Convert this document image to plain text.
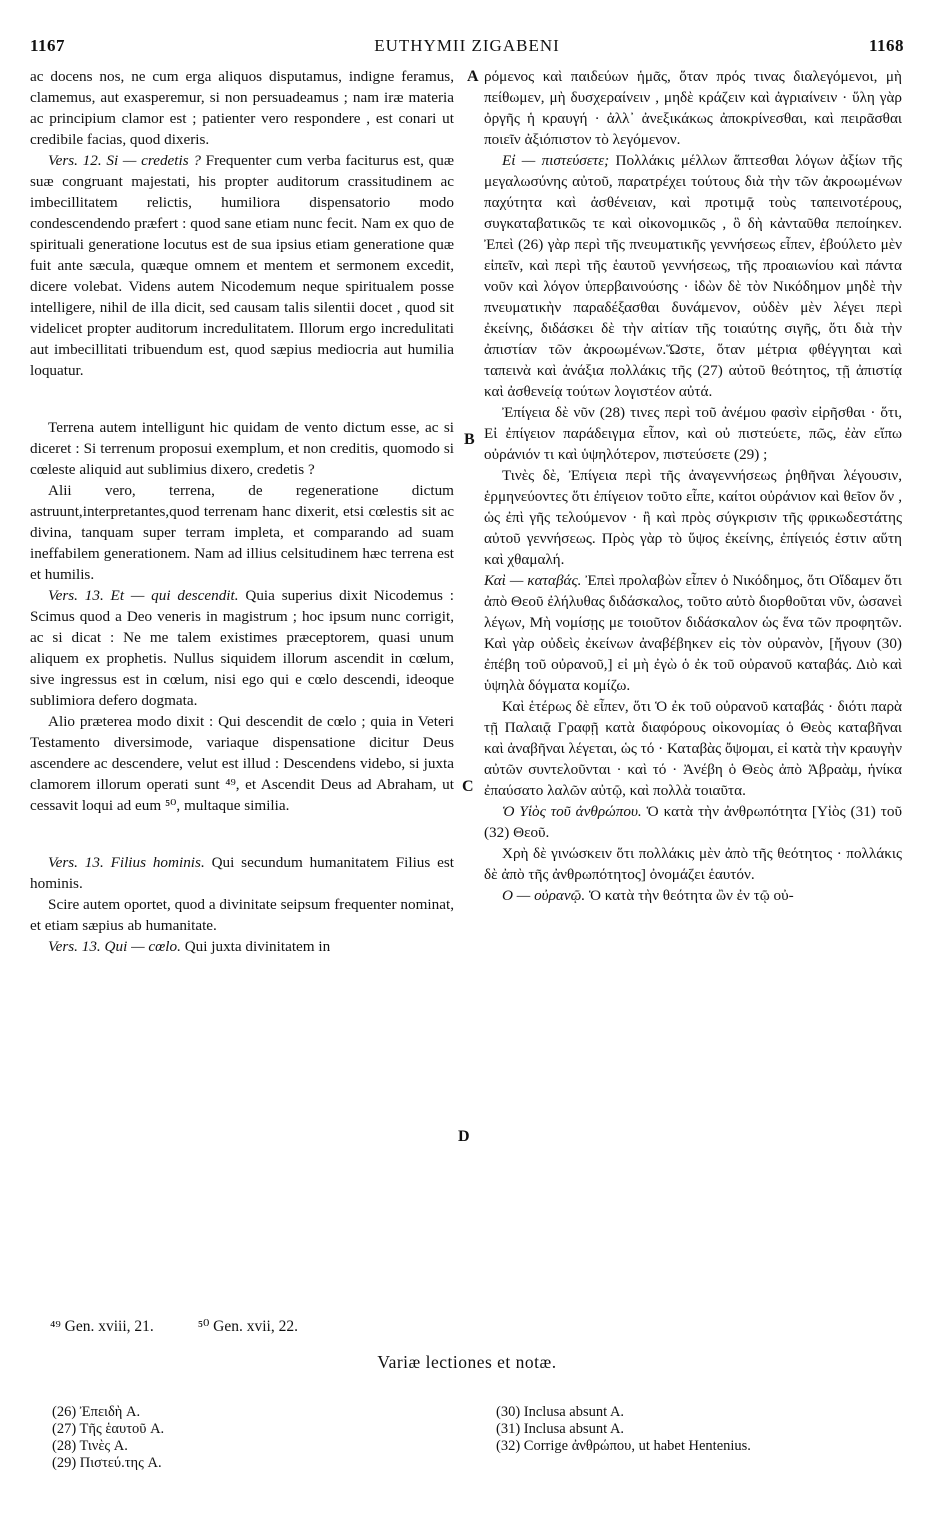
1167	EUTHYMII ZIGABENI	1168

ac docens nos, ne cum erga aliquos disputamus, indigne feramus, clamemus, aut exasperemur, si non persuadeamus ; nam iræ materia ac principium clamor est ; patienter vero respondere , est conari ut credibile facias, quod dixeris.

Vers. 12. Si — credetis ? Frequenter cum verba faciturus est, quæ suæ congruant majestati, his propter auditorum crassitudinem ac imbecillitatem relictis, humiliora dispensatorio modo condescendendo præfert : quod sane etiam nunc fecit. Nam ex quo de spirituali generatione locutus est de sua ipsius etiam generatione quæ fuit ante sæcula, quæque omnem et mentem et sermonem excedit, dicere volebat. Videns autem Nicodemum neque spiritualem posse intelligere, nihil de illa dicit, sed causam talis silentii docet , quod sit videlicet propter auditorum incredulitatem. Illorum ergo incredulitati aut imbecillitati tribuendum est, quod sæpius mediocria aut humilia loquatur.

Terrena autem intelligunt hic quidam de vento dictum esse, ac si diceret : Si terrenum proposui exemplum, et non creditis, quomodo si cœleste aliquid aut sublimius dixero, credetis ?

Alii vero, terrena, de regeneratione dictum astruunt,interpretantes,quod terrenam hanc dixerit, etsi cœlestis sit ac divina, tanquam super terram impleta, et comparando ad suam ineffabilem generationem. Nam ad illius celsitudinem hæc terrena est et humilis.

Vers. 13. Et — qui descendit. Quia superius dixit Nicodemus : Scimus quod a Deo veneris in magistrum ; hoc ipsum nunc corrigit, ac si dicat : Ne me talem existimes præceptorem, quasi unum aliquem ex prophetis. Nullus siquidem illorum ascendit in cœlum, sive ingressus est in cœlum, nisi ego qui e cœlo descendi, ideoque sublimiora defero dogmata.

Alio præterea modo dixit : Qui descendit de cœlo ; quia in Veteri Testamento diversimode, variaque dispensatione dicitur Deus ascendere ac descendere, velut est illud : Descendens videbo, si juxta clamorem illorum operati sunt ⁴⁹, et Ascendit Deus ad Abraham, ut cessavit loqui ad eum ⁵⁰, multaque similia.

Vers. 13. Filius hominis. Qui secundum humanitatem Filius est hominis.

Scire autem oportet, quod a divinitate seipsum frequenter nominat, et etiam sæpius ab humanitate.

Vers. 13. Qui — cœlo. Qui juxta divinitatem in

ρόμενος καὶ παιδεύων ἡμᾶς, ὅταν πρός τινας διαλεγόμενοι, μὴ πείθωμεν, μὴ δυσχεραίνειν , μηδὲ κράζειν καὶ ἀγριαίνειν · ὕλη γὰρ ὀργῆς ἡ κραυγή · ἀλλ᾽ ἀνεξικάκως ἀποκρίνεσθαι, καὶ πειρᾶσθαι ποιεῖν ἀξιόπιστον τὸ λεγόμενον.

Εἰ — πιστεύσετε; Πολλάκις μέλλων ἅπτεσθαι λόγων ἀξίων τῆς μεγαλωσύνης αὐτοῦ, παρατρέχει τούτους διὰ τὴν τῶν ἀκροωμένων παχύτητα καὶ ἀσθένειαν, καὶ προτιμᾷ τοὺς ταπεινοτέρους, συγκαταβατικῶς τε καὶ οἰκονομικῶς , ὃ δὴ κἀνταῦθα πεποίηκεν. Ἐπεὶ (26) γὰρ περὶ τῆς πνευματικῆς γεννήσεως εἶπεν, ἐβούλετο μὲν εἰπεῖν, καὶ περὶ τῆς ἑαυτοῦ γεννήσεως, τῆς προαιωνίου καὶ πάντα νοῦν καὶ λόγον ὑπερβαινούσης · ἰδὼν δὲ τὸν Νικόδημον μηδὲ τὴν πνευματικὴν παραδέξασθαι δυνάμενον, οὐδὲν μὲν λέγει περὶ ἐκείνης, διδάσκει δὲ τὴν αἰτίαν τῆς τοιαύτης σιγῆς, ὅτι διὰ τὴν ἀπιστίαν τῶν ἀκροωμένων.Ὥστε, ὅταν μέτρια φθέγγηται καὶ ταπεινὰ καὶ ἀνάξια πολλάκις τῆς (27) αὐτοῦ θεότητος, τῇ ἀπιστίᾳ καὶ ἀσθενείᾳ τούτων λογιστέον αὐτά.

Ἐπίγεια δὲ νῦν (28) τινες περὶ τοῦ ἀνέμου φασὶν εἰρῆσθαι · ὅτι, Εἰ ἐπίγειον παράδειγμα εἶπον, καὶ οὐ πιστεύετε, πῶς, ἐὰν εἴπω οὐράνιόν τι καὶ ὑψηλότερον, πιστεύσετε (29) ;

Τινὲς δὲ, Ἐπίγεια περὶ τῆς ἀναγεννήσεως ῥηθῆναι λέγουσιν, ἑρμηνεύοντες ὅτι ἐπίγειον τοῦτο εἶπε, καίτοι οὐράνιον καὶ θεῖον ὄν , ὡς ἐπὶ γῆς τελούμενον · ἢ καὶ πρὸς σύγκρισιν τῆς φρικωδεστάτης αὐτοῦ γεννήσεως. Πρὸς γὰρ τὸ ὕψος ἐκείνης, ἐπίγειός ἐστιν αὕτη καὶ χθαμαλή.

Καὶ — καταβάς. Ἐπεὶ προλαβὼν εἶπεν ὁ Νικόδημος, ὅτι Οἴδαμεν ὅτι ἀπὸ Θεοῦ ἐλήλυθας διδάσκαλος, τοῦτο αὐτὸ διορθοῦται νῦν, ὡσανεὶ λέγων, Μὴ νομίσῃς με τοιοῦτον διδάσκαλον ὡς ἕνα τῶν προφητῶν. Καὶ γὰρ οὐδεὶς ἐκείνων ἀναβέβηκεν εἰς τὸν οὐρανὸν, [ἤγουν (30) ἐπέβη τοῦ οὐρανοῦ,] εἰ μὴ ἐγὼ ὁ ἐκ τοῦ οὐρανοῦ καταβάς. Διὸ καὶ ὑψηλὰ δόγματα κομίζω.

Καὶ ἑτέρως δὲ εἶπεν, ὅτι Ὁ ἐκ τοῦ οὐρανοῦ καταβάς · διότι παρὰ τῇ Παλαιᾷ Γραφῇ κατὰ διαφόρους οἰκονομίας ὁ Θεὸς καταβῆναι καὶ ἀναβῆναι λέγεται, ὡς τό · Καταβὰς ὄψομαι, εἰ κατὰ τὴν κραυγὴν αὐτῶν συντελοῦνται · καὶ τό · Ἀνέβη ὁ Θεὸς ἀπὸ Ἀβραὰμ, ἡνίκα ἐπαύσατο λαλῶν αὐτῷ, καὶ πολλὰ τοιαῦτα.

Ὁ Υἱὸς τοῦ ἀνθρώπου. Ὁ κατὰ τὴν ἀνθρωπότητα [Υἱὸς (31) τοῦ (32) Θεοῦ.

Χρὴ δὲ γινώσκειν ὅτι πολλάκις μὲν ἀπὸ τῆς θεότητος · πολλάκις δὲ ἀπὸ τῆς ἀνθρωπότητος] ὀνομάζει ἑαυτόν.

Ο — οὐρανῷ. Ὁ κατὰ τὴν θεότητα ὢν ἐν τῷ οὐ-

A
B
C
D
⁴⁹ Gen. xviii, 21.	⁵⁰ Gen. xvii, 22.
Variæ lectiones et notæ.
(26) Ἐπειδὴ A.
(27) Τῆς ἑαυτοῦ A.
(28) Τινὲς A.
(29) Πιστεύ.της A.
(30) Inclusa absunt A.
(31) Inclusa absunt A.
(32) Corrige ἀνθρώπου, ut habet Hentenius.
